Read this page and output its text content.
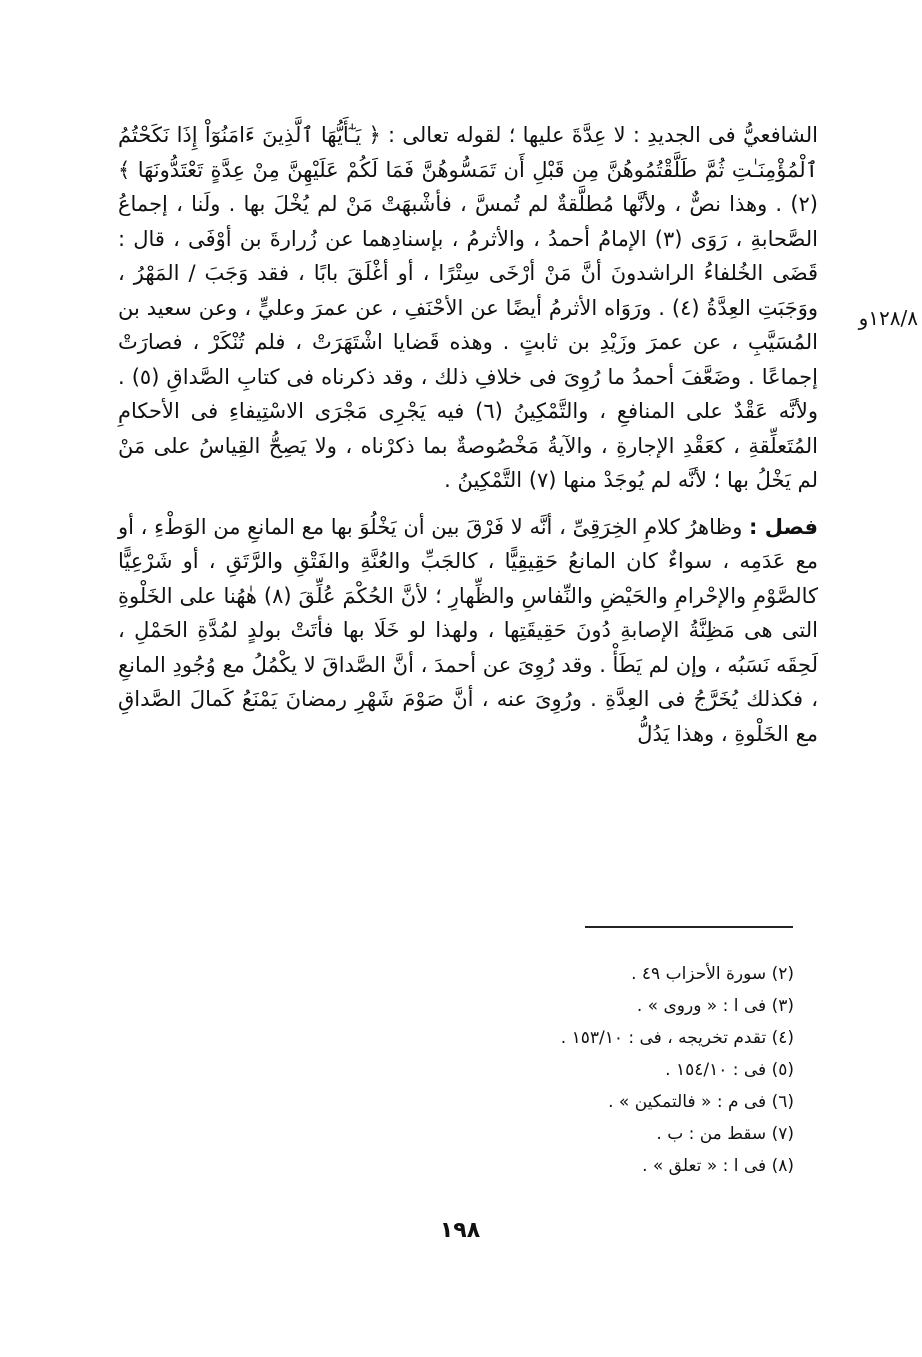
١٢٨/٨و

الشافعيُّ فى الجديدِ : لا عِدَّةَ عليها ؛ لقوله تعالى : ﴿ يَـٰٓأَيُّهَا ٱلَّذِينَ ءَامَنُوٓاْ إِذَا نَكَحْتُمُ ٱلْمُؤْمِنَـٰتِ ثُمَّ طَلَّقْتُمُوهُنَّ مِن قَبْلِ أَن تَمَسُّوهُنَّ فَمَا لَكُمْ عَلَيْهِنَّ مِنْ عِدَّةٍ تَعْتَدُّونَهَا ﴾ (٢) . وهذا نصٌّ ، ولأنَّها مُطلَّقةٌ لم تُمسَّ ، فأشْبهَتْ مَنْ لم يُخْلَ بها . ولَنا ، إجماعُ الصَّحابةِ ، رَوَى (٣) الإمامُ أحمدُ ، والأثرمُ ، بإسنادِهما عن زُرارةَ بن أوْفَى ، قال : قَضَى الخُلفاءُ الراشدونَ أنَّ مَنْ أرْخَى سِتْرًا ، أو أغْلَقَ بابًا ، فقد وَجَبَ / المَهْرُ ، ووَجَبَتِ العِدَّةُ (٤) . ورَوَاه الأثرمُ أيضًا عن الأحْنَفِ ، عن عمرَ وعليٍّ ، وعن سعيد بن المُسَيَّبِ ، عن عمرَ وزَيْدِ بن ثابتٍ . وهذه قَضايا اشْتَهَرَتْ ، فلم تُنْكَرْ ، فصارَتْ إجماعًا . وضَعَّفَ أحمدُ ما رُوِىَ فى خلافِ ذلك ، وقد ذكرناه فى كتابِ الصَّداقِ (٥) . ولأنَّه عَقْدٌ على المنافعِ ، والتَّمْكِينُ (٦) فيه يَجْرِى مَجْرَى الاسْتِيفاءِ فى الأحكامِ المُتَعلِّقةِ ، كعَقْدِ الإجارةِ ، والآيةُ مَخْصُوصةٌ بما ذكرْناه ، ولا يَصِحُّ القِياسُ على مَنْ لم يَخْلُ بها ؛ لأنَّه لم يُوجَدْ منها (٧) التَّمْكِينُ .

فصل : وظاهرُ كلامِ الخِرَقِىِّ ، أنَّه لا فَرْقَ بين أن يَخْلُوَ بها مع المانعِ من الوَطْءِ ، أو مع عَدَمِه ، سواءٌ كان المانعُ حَقِيقِيًّا ، كالجَبِّ والعُنَّةِ والفَتْقِ والرَّتَقِ ، أو شَرْعِيًّا كالصَّوْمِ والإحْرامِ والحَيْضِ والنِّفاسِ والظِّهارِ ؛ لأنَّ الحُكْمَ عُلِّقَ (٨) هٰهُنا على الخَلْوةِ التى هى مَظِنَّةُ الإصابةِ دُونَ حَقِيقَتِها ، ولهذا لو خَلَا بها فأتَتْ بولدٍ لمُدَّةِ الحَمْلِ ، لَحِقَه نَسَبُه ، وإن لم يَطَأْ . وقد رُوِىَ عن أحمدَ ، أنَّ الصَّداقَ لا يكْمُلُ مع وُجُودِ المانعِ ، فكذلك يُخَرَّجُ فى العِدَّةِ . ورُوِىَ عنه ، أنَّ صَوْمَ شَهْرِ رمضانَ يَمْنَعُ كَمالَ الصَّداقِ مع الخَلْوةِ ، وهذا يَدُلُّ

(٢) سورة الأحزاب ٤٩ .
(٣) فى ا : « وروى » .
(٤) تقدم تخريجه ، فى : ١٥٣/١٠ .
(٥) فى : ١٥٤/١٠ .
(٦) فى م : « فالتمكين » .
(٧) سقط من : ب .
(٨) فى ا : « تعلق » .
١٩٨
